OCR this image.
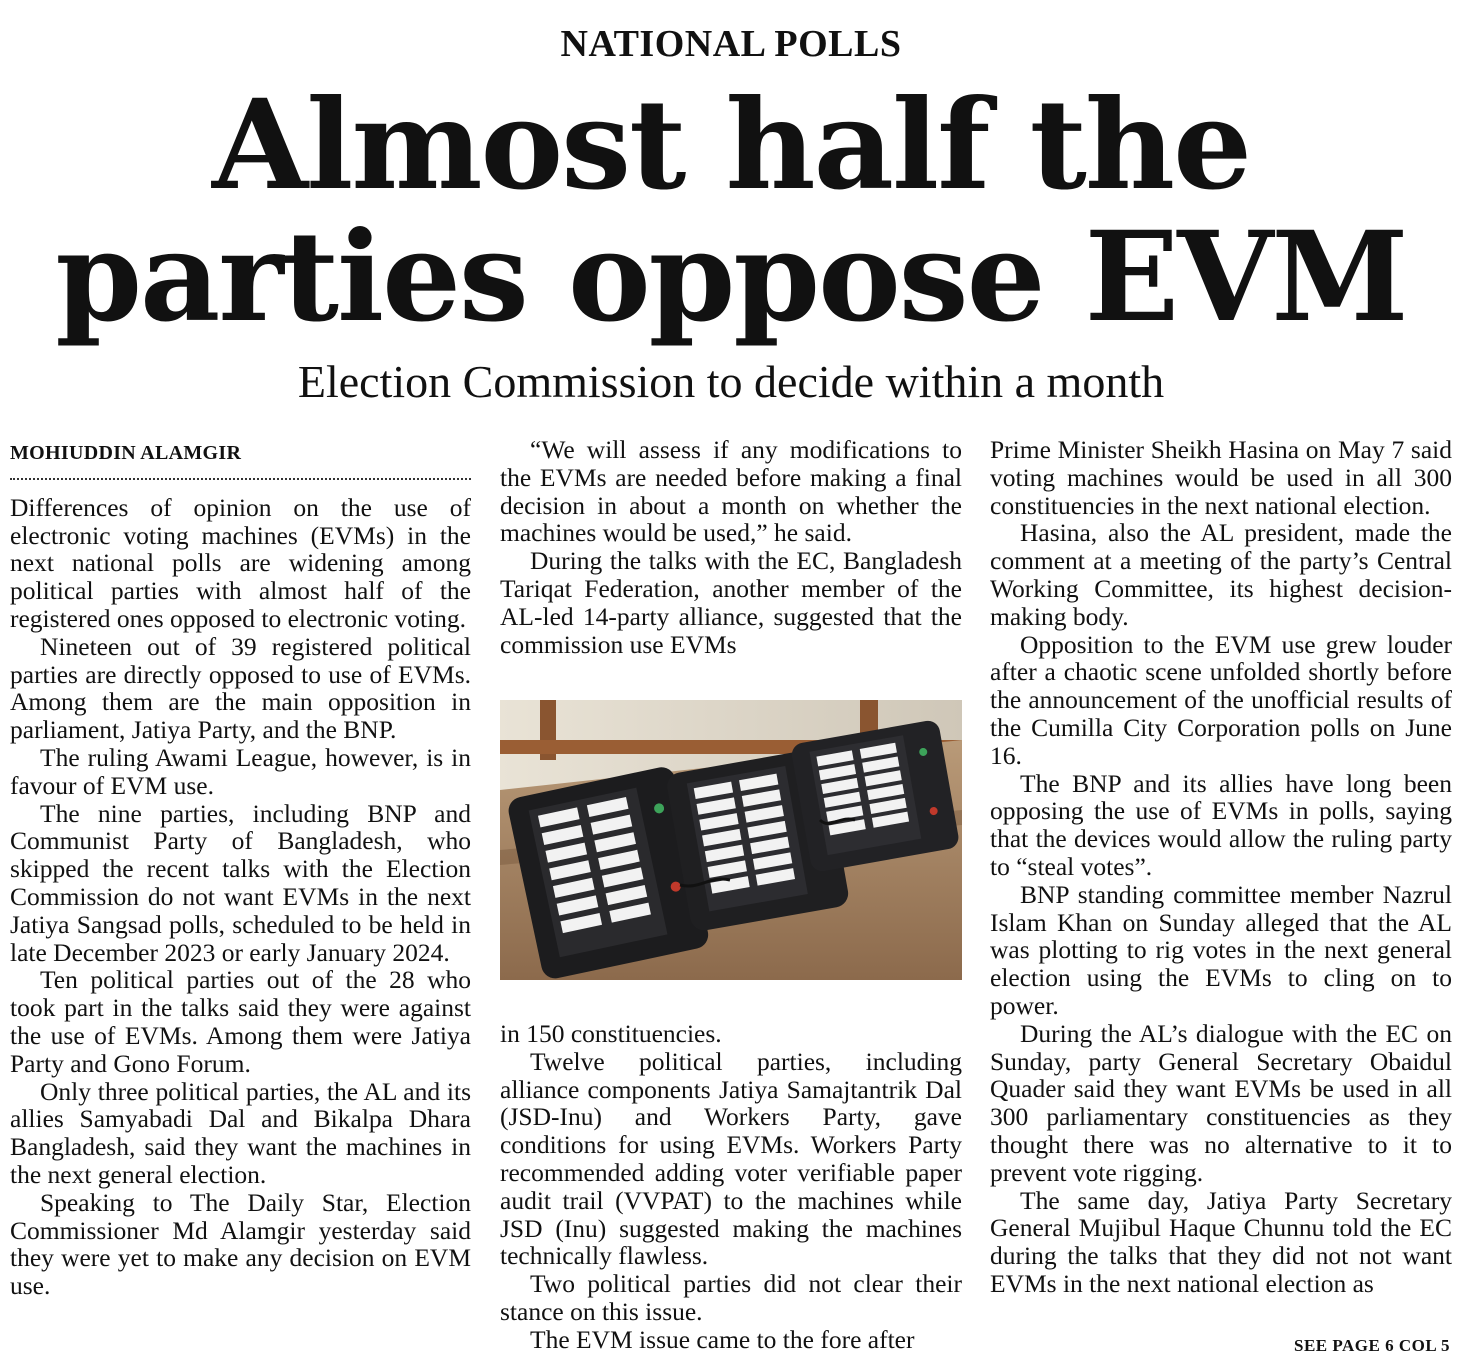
NATIONAL POLLS
Almost half the
parties oppose EVM
Election Commission to decide within a month
MOHIUDDIN ALAMGIR

Differences of opinion on the use of electronic voting machines (EVMs) in the next national polls are widening among political parties with almost half of the registered ones opposed to electronic voting.

Nineteen out of 39 registered political parties are directly opposed to use of EVMs. Among them are the main opposition in parliament, Jatiya Party, and the BNP.

The ruling Awami League, however, is in favour of EVM use.

The nine parties, including BNP and Communist Party of Bangladesh, who skipped the recent talks with the Election Commission do not want EVMs in the next Jatiya Sangsad polls, scheduled to be held in late December 2023 or early January 2024.

Ten political parties out of the 28 who took part in the talks said they were against the use of EVMs. Among them were Jatiya Party and Gono Forum.

Only three political parties, the AL and its allies Samyabadi Dal and Bikalpa Dhara Bangladesh, said they want the machines in the next general election.

Speaking to The Daily Star, Election Commissioner Md Alamgir yesterday said they were yet to make any decision on EVM use.

“We will assess if any modifications to the EVMs are needed before making a final decision in about a month on whether the machines would be used,” he said.

During the talks with the EC, Bangladesh Tariqat Federation, another member of the AL-led 14-party alliance, suggested that the commission use EVMs

in 150 constituencies.

Twelve political parties, including alliance components Jatiya Samajtantrik Dal (JSD-Inu) and Workers Party, gave conditions for using EVMs. Workers Party recommended adding voter verifiable paper audit trail (VVPAT) to the machines while JSD (Inu) suggested making the machines technically flawless.

Two political parties did not clear their stance on this issue.

The EVM issue came to the fore after

Prime Minister Sheikh Hasina on May 7 said voting machines would be used in all 300 constituencies in the next national election.

Hasina, also the AL president, made the comment at a meeting of the party’s Central Working Committee, its highest decision-making body.

Opposition to the EVM use grew louder after a chaotic scene unfolded shortly before the announcement of the unofficial results of the Cumilla City Corporation polls on June 16.

The BNP and its allies have long been opposing the use of EVMs in polls, saying that the devices would allow the ruling party to “steal votes”.

BNP standing committee member Nazrul Islam Khan on Sunday alleged that the AL was plotting to rig votes in the next general election using the EVMs to cling on to power.

During the AL’s dialogue with the EC on Sunday, party General Secretary Obaidul Quader said they want EVMs be used in all 300 parliamentary constituencies as they thought there was no alternative to it to prevent vote rigging.

The same day, Jatiya Party Secretary General Mujibul Haque Chunnu told the EC during the talks that they did not not want EVMs in the next national election as

SEE PAGE 6 COL 5
